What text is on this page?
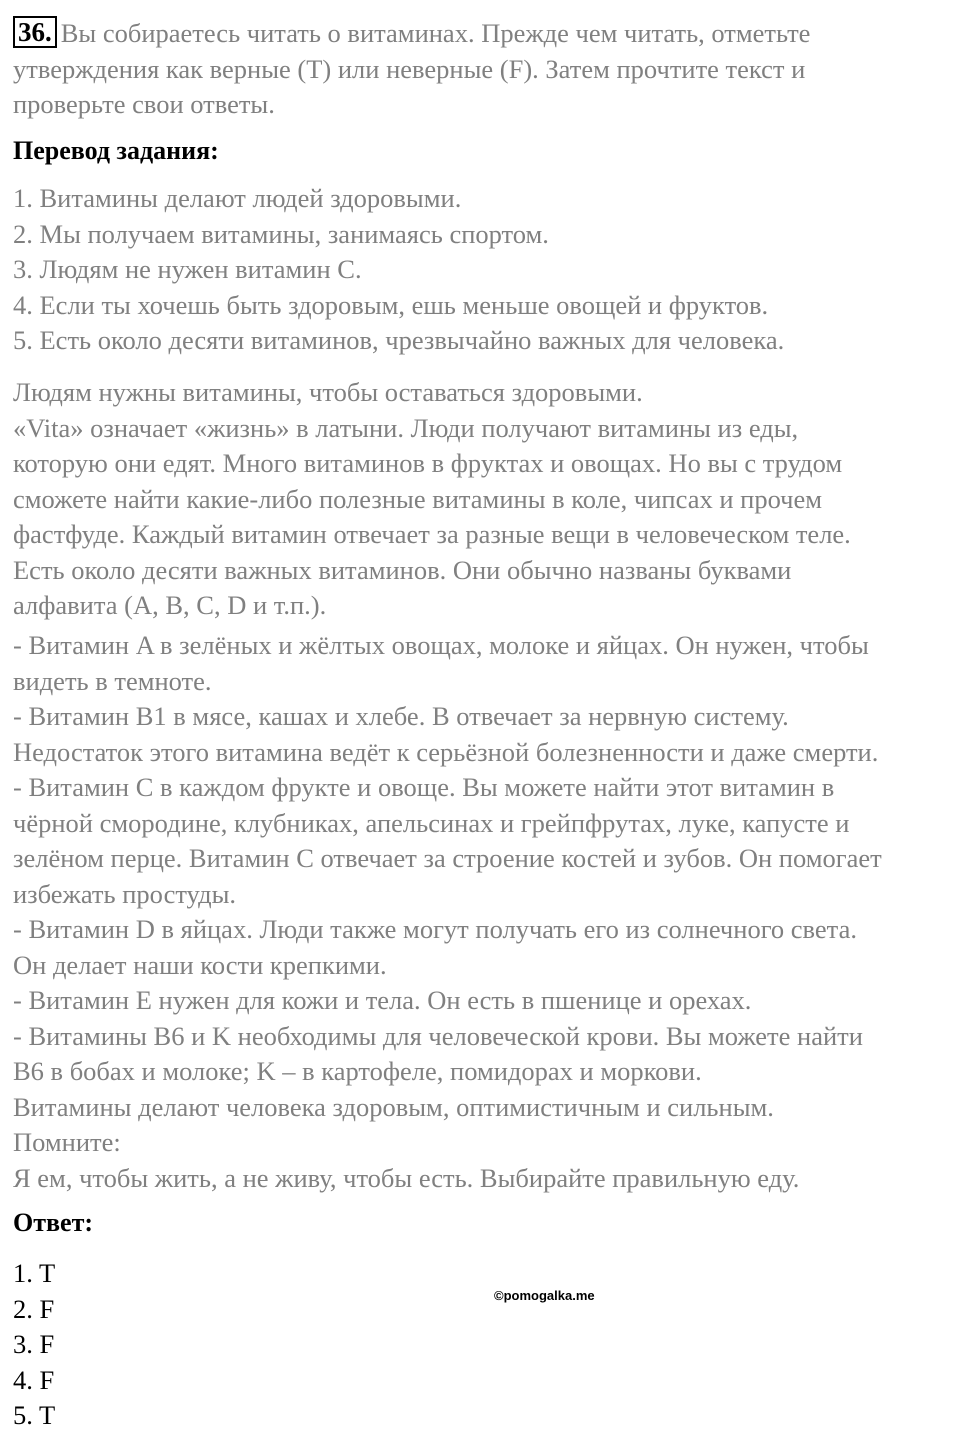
36. Вы собираетесь читать о витаминах. Прежде чем читать, отметьте
утверждения как верные (T) или неверные (F). Затем прочтите текст и
проверьте свои ответы.
Перевод задания:
1. Витамины делают людей здоровыми.
2. Мы получаем витамины, занимаясь спортом.
3. Людям не нужен витамин C.
4. Если ты хочешь быть здоровым, ешь меньше овощей и фруктов.
5. Есть около десяти витаминов, чрезвычайно важных для человека.
Людям нужны витамины, чтобы оставаться здоровыми.
«Vita» означает «жизнь» в латыни. Люди получают витамины из еды,
которую они едят. Много витаминов в фруктах и овощах. Но вы с трудом
сможете найти какие-либо полезные витамины в коле, чипсах и прочем
фастфуде. Каждый витамин отвечает за разные вещи в человеческом теле.
Есть около десяти важных витаминов. Они обычно названы буквами
алфавита (A, B, C, D и т.п.).
- Витамин A в зелёных и жёлтых овощах, молоке и яйцах. Он нужен, чтобы
видеть в темноте.
- Витамин B1 в мясе, кашах и хлебе. В отвечает за нервную систему.
Недостаток этого витамина ведёт к серьёзной болезненности и даже смерти.
- Витамин C в каждом фрукте и овоще. Вы можете найти этот витамин в
чёрной смородине, клубниках, апельсинах и грейпфрутах, луке, капусте и
зелёном перце. Витамин C отвечает за строение костей и зубов. Он помогает
избежать простуды.
- Витамин D в яйцах. Люди также могут получать его из солнечного света.
Он делает наши кости крепкими.
- Витамин E нужен для кожи и тела. Он есть в пшенице и орехах.
- Витамины B6 и K необходимы для человеческой крови. Вы можете найти
B6 в бобах и молоке; K – в картофеле, помидорах и моркови.
Витамины делают человека здоровым, оптимистичным и сильным.
Помните:
Я ем, чтобы жить, а не живу, чтобы есть. Выбирайте правильную еду.
Ответ:
1. T
2. F
3. F
4. F
5. T
©pomogalka.me
